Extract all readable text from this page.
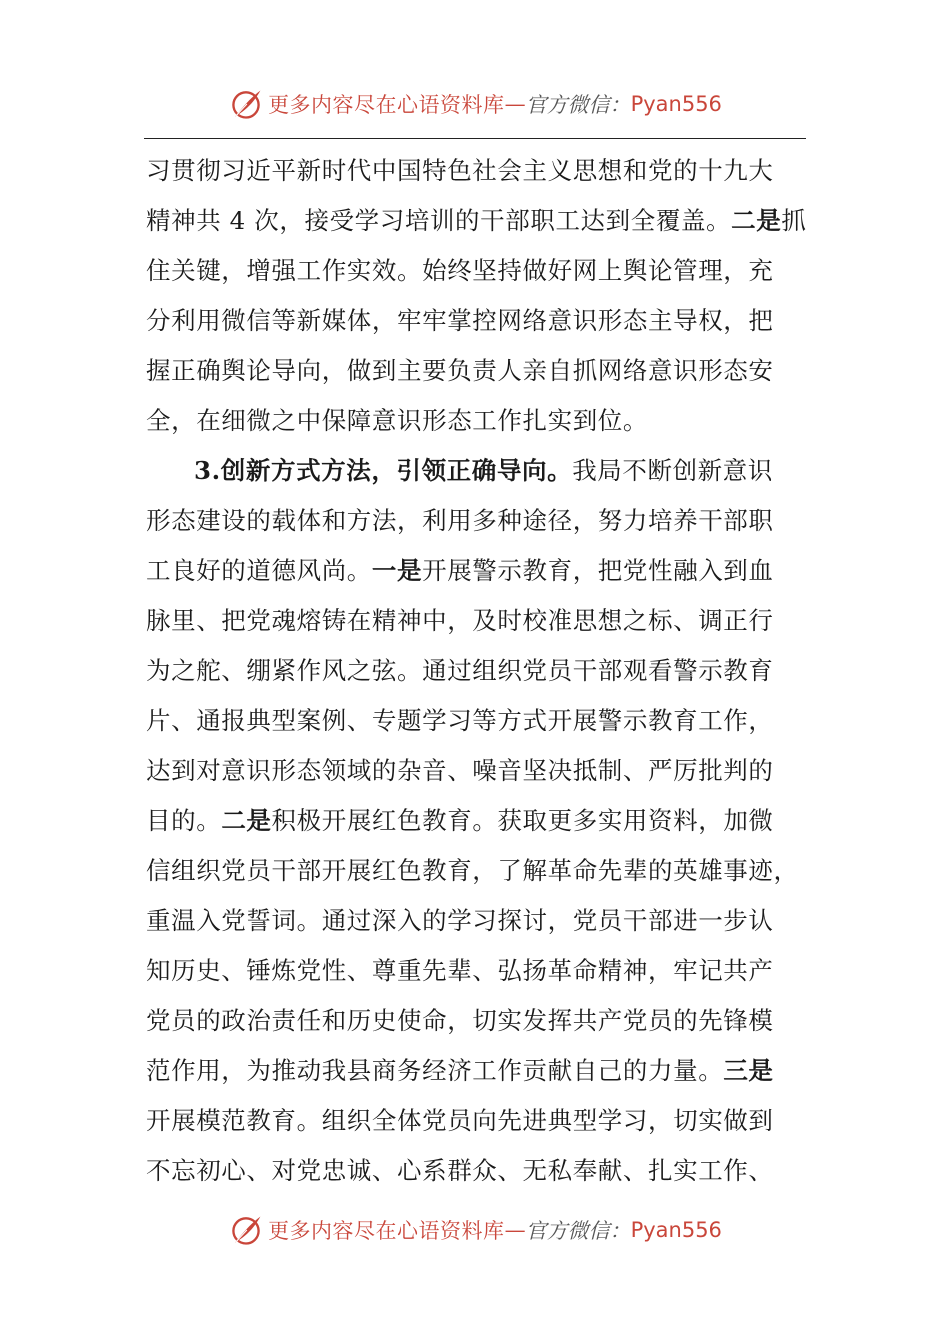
更多内容尽在心语资料库 — 官方微信： Pyan556
习贯彻习近平新时代中国特色社会主义思想和党的十九大
精神共 4 次，接受学习培训的干部职工达到全覆盖。二是抓
住关键，增强工作实效。始终坚持做好网上舆论管理，充
分利用微信等新媒体，牢牢掌控网络意识形态主导权，把
握正确舆论导向，做到主要负责人亲自抓网络意识形态安
全，在细微之中保障意识形态工作扎实到位。
3.创新方式方法，引领正确导向。我局不断创新意识
形态建设的载体和方法，利用多种途径，努力培养干部职
工良好的道德风尚。一是开展警示教育，把党性融入到血
脉里、把党魂熔铸在精神中，及时校准思想之标、调正行
为之舵、绷紧作风之弦。通过组织党员干部观看警示教育
片、通报典型案例、专题学习等方式开展警示教育工作，
达到对意识形态领域的杂音、噪音坚决抵制、严厉批判的
目的。二是积极开展红色教育。获取更多实用资料，加微
信组织党员干部开展红色教育，了解革命先辈的英雄事迹，
重温入党誓词。通过深入的学习探讨，党员干部进一步认
知历史、锤炼党性、尊重先辈、弘扬革命精神，牢记共产
党员的政治责任和历史使命，切实发挥共产党员的先锋模
范作用，为推动我县商务经济工作贡献自己的力量。三是
开展模范教育。组织全体党员向先进典型学习，切实做到
不忘初心、对党忠诚、心系群众、无私奉献、扎实工作、
更多内容尽在心语资料库 — 官方微信： Pyan556
